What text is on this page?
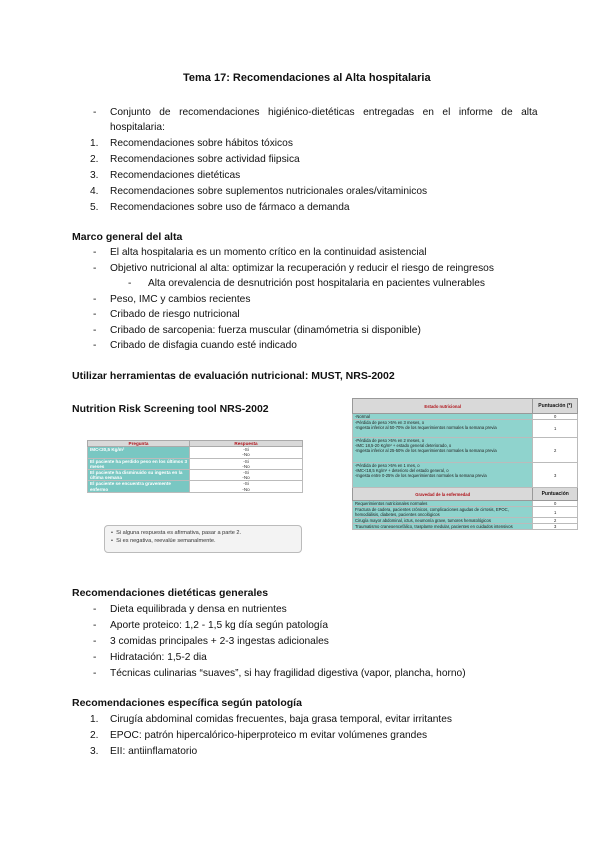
Tema 17: Recomendaciones al Alta hospitalaria
- Conjunto   de   recomendaciones   higiénico-dietéticas   entregadas   en   el   informe   de   alta
hospitalaria:
1.	Recomendaciones sobre hábitos tóxicos
2.	Recomendaciones sobre actividad fiipsica
3.	Recomendaciones dietéticas
4.	Recomendaciones sobre suplementos nutricionales orales/vitaminicos
5.	Recomendaciones sobre uso de fármaco a demanda
Marco general del alta
-	El alta hospitalaria es un momento crítico en la continuidad asistencial
-	Objetivo nutricional al alta: optimizar la recuperación y reducir el riesgo de reingresos
-	Alta orevalencia de desnutrición post hospitalaria en pacientes vulnerables
-	Peso, IMC y cambios recientes
-	Cribado de riesgo nutricional
-	Cribado de sarcopenia: fuerza muscular (dinamómetria si disponible)
-	Cribado de disfagia cuando esté indicado
Utilizar herramientas de evaluación nutricional: MUST, NRS-2002
Nutrition Risk Screening tool NRS-2002
Pregunta	Respuesta
IMC<20,5 Kg/m²	-Si
-No

El paciente ha perdido peso en los últimos 3 meses	-Si
-No

El paciente ha disminuido su ingesta en la última semana	-Si
-No

El paciente se encuentra gravemente enfermo	-Si
-No
•  Si alguna respuesta es afirmativa, pasar a parte 2.
•  Si es negativa, reevalúe semanalmente.
Estado nutricional	Puntuación (*)

-Normal	0

-Pérdida de peso >5% en 3 meses, o
-Ingesta inferior al 50-70% de los requerimientos normales la semana previa	1

-Pérdida de peso >5% en 2 meses, o
-IMC 18,5-20 Kg/m² + estado general deteriorado, o
-Ingesta inferior al 25-50% de los requerimientos normales la semana previa	2

-Pérdida de peso >5% en 1 mes, o
-IMC<18,5 Kg/m² + deterioro del estado general, o
-Ingesta entre 0-25% de los requerimientos normales la semana previa	3
Gravedad de la enfermedad	Puntuación
Requerimientos nutricionales normales	0
Fractura de cadera, pacientes crónicos, complicaciones agudas de cirrosis, EPOC, hemodiálisis, diabetes, pacientes oncológicos	1
Cirugía mayor abdominal, ictus, neumonía grave, tumores hematológicos	2
Traumatismo craneoencefálico, trasplante medular, pacientes en cuidados intensivos	3
Recomendaciones dietéticas generales
-	Dieta equilibrada y densa en nutrientes
-	Aporte proteico: 1,2 - 1,5 kg día según patología
-	3 comidas principales + 2-3 ingestas adicionales
-	Hidratación: 1,5-2 dia
-	Técnicas culinarias “suaves”, si hay fragilidad digestiva (vapor, plancha, horno)
Recomendaciones específica según patología
1.	Cirugía abdominal comidas frecuentes, baja grasa temporal, evitar irritantes
2.	EPOC: patrón hipercalórico-hiperproteico m evitar volúmenes grandes
3.	EII: antiinflamatorio
